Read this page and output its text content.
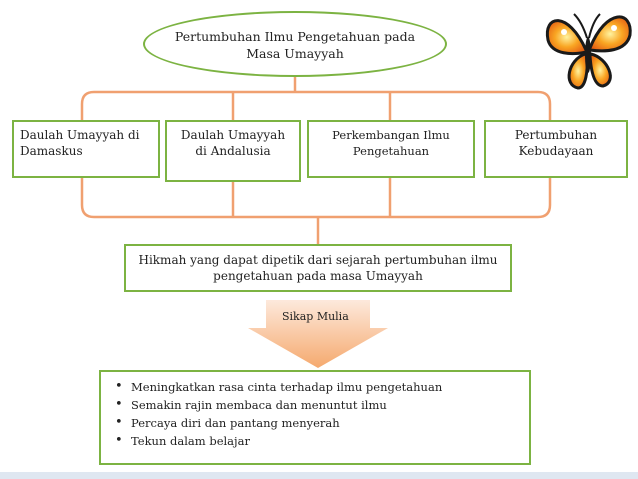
Pertumbuhan Ilmu Pengetahuan pada
Masa Umayyah
Daulah Umayyah di
Damaskus
Daulah Umayyah
di Andalusia
Perkembangan Ilmu
Pengetahuan
Pertumbuhan
Kebudayaan
Hikmah yang dapat dipetik dari sejarah pertumbuhan ilmu
pengetahuan pada masa Umayyah
Sikap Mulia
• Meningkatkan rasa cinta terhadap ilmu pengetahuan
• Semakin rajin membaca dan menuntut ilmu
• Percaya diri dan pantang menyerah
• Tekun dalam belajar
